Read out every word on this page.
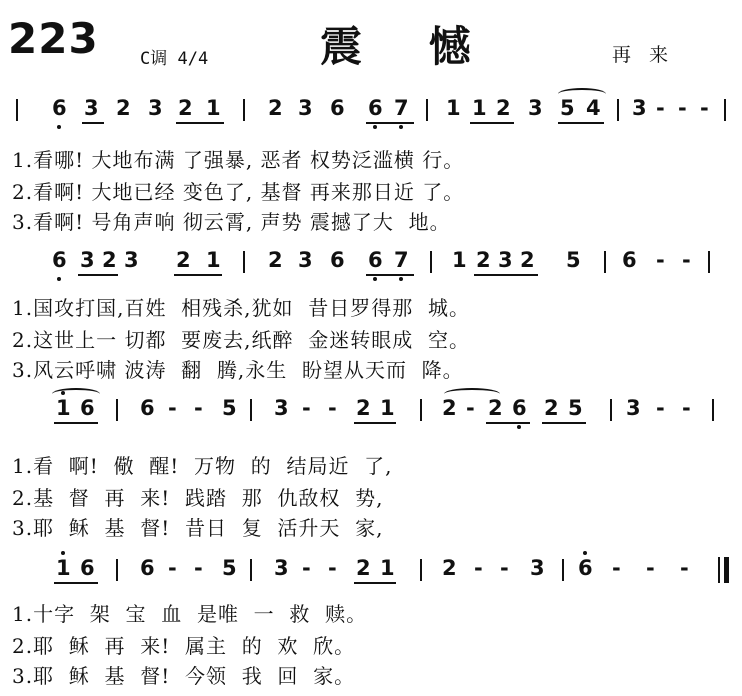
223 C调 4/4	震 憾	再 来
6 3 2 3 2 1 2 3 6 6 7 1 1 2 3 5 4 3 - - -
1.看哪! 大地布满 了强暴, 恶者 权势泛滥横 行。
2.看啊! 大地已经 变色了, 基督 再来那日近 了。
3.看啊! 号角声响 彻云霄, 声势 震撼了大  地。
6 3 2 3 2 1 2 3 6 6 7 1 2 3 2 5 6 - -
1.国攻打国,百姓  相残杀,犹如  昔日罗得那  城。
2.这世上一 切都  要废去,纸醉  金迷转眼成  空。
3.风云呼啸 波涛  翻  腾,永生  盼望从天而  降。
1 6 6 - - 5 3 - - 2 1 2 - 2 6 2 5 3 - -
1.看  啊!  儆  醒!  万物  的  结局近  了,
2.基  督  再  来!  践踏  那  仇敌权  势,
3.耶  稣  基  督!  昔日  复  活升天  家,
1 6 6 - - 5 3 - - 2 1 2 - - 3 6 - - -
1.十字  架  宝  血  是唯  一  救  赎。
2.耶  稣  再  来!  属主  的  欢  欣。
3.耶  稣  基  督!  今领  我  回  家。
